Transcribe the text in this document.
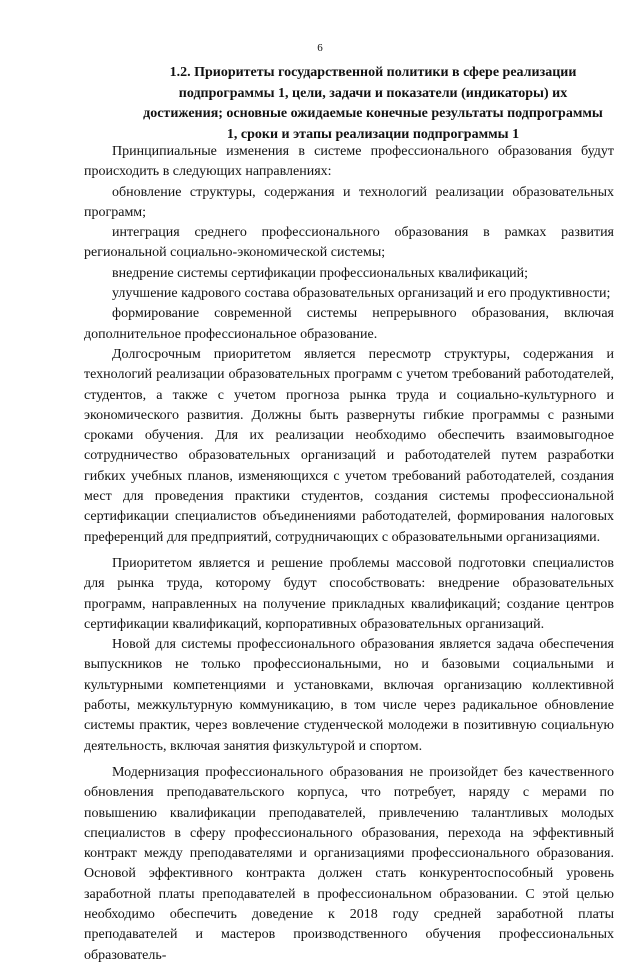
6
1.2. Приоритеты государственной политики в сфере реализации подпрограммы 1, цели, задачи и показатели (индикаторы) их достижения; основные ожидаемые конечные результаты подпрограммы 1, сроки и этапы реализации подпрограммы 1

Принципиальные изменения в системе профессионального образования будут происходить в следующих направлениях:

обновление структуры, содержания и технологий реализации образовательных программ;

интеграция среднего профессионального образования в рамках развития региональной социально-экономической системы;

внедрение системы сертификации профессиональных квалификаций;

улучшение кадрового состава образовательных организаций и его продуктивности;

формирование современной системы непрерывного образования, включая дополнительное профессиональное образование.

Долгосрочным приоритетом является пересмотр структуры, содержания и технологий реализации образовательных программ с учетом требований работодателей, студентов, а также с учетом прогноза рынка труда и социально-культурного и экономического развития. Должны быть развернуты гибкие программы с разными сроками обучения. Для их реализации необходимо обеспечить взаимовыгодное сотрудничество образовательных организаций и работодателей путем разработки гибких учебных планов, изменяющихся с учетом требований работодателей, создания мест для проведения практики студентов, создания системы профессиональной сертификации специалистов объединениями работодателей, формирования налоговых преференций для предприятий, сотрудничающих с образовательными организациями.

Приоритетом является и решение проблемы массовой подготовки специалистов для рынка труда, которому будут способствовать: внедрение образовательных программ, направленных на получение прикладных квалификаций; создание центров сертификации квалификаций, корпоративных образовательных организаций.

Новой для системы профессионального образования является задача обеспечения выпускников не только профессиональными, но и базовыми социальными и культурными компетенциями и установками, включая организацию коллективной работы, межкультурную коммуникацию, в том числе через радикальное обновление системы практик, через вовлечение студенческой молодежи в позитивную социальную деятельность, включая занятия физкультурой и спортом.

Модернизация профессионального образования не произойдет без качественного обновления преподавательского корпуса, что потребует, наряду с мерами по повышению квалификации преподавателей, привлечению талантливых молодых специалистов в сферу профессионального образования, перехода на эффективный контракт между преподавателями и организациями профессионального образования. Основой эффективного контракта должен стать конкурентоспособный уровень заработной платы преподавателей в профессиональном образовании. С этой целью необходимо обеспечить доведение к 2018 году средней заработной платы преподавателей и мастеров производственного обучения профессиональных образователь-
